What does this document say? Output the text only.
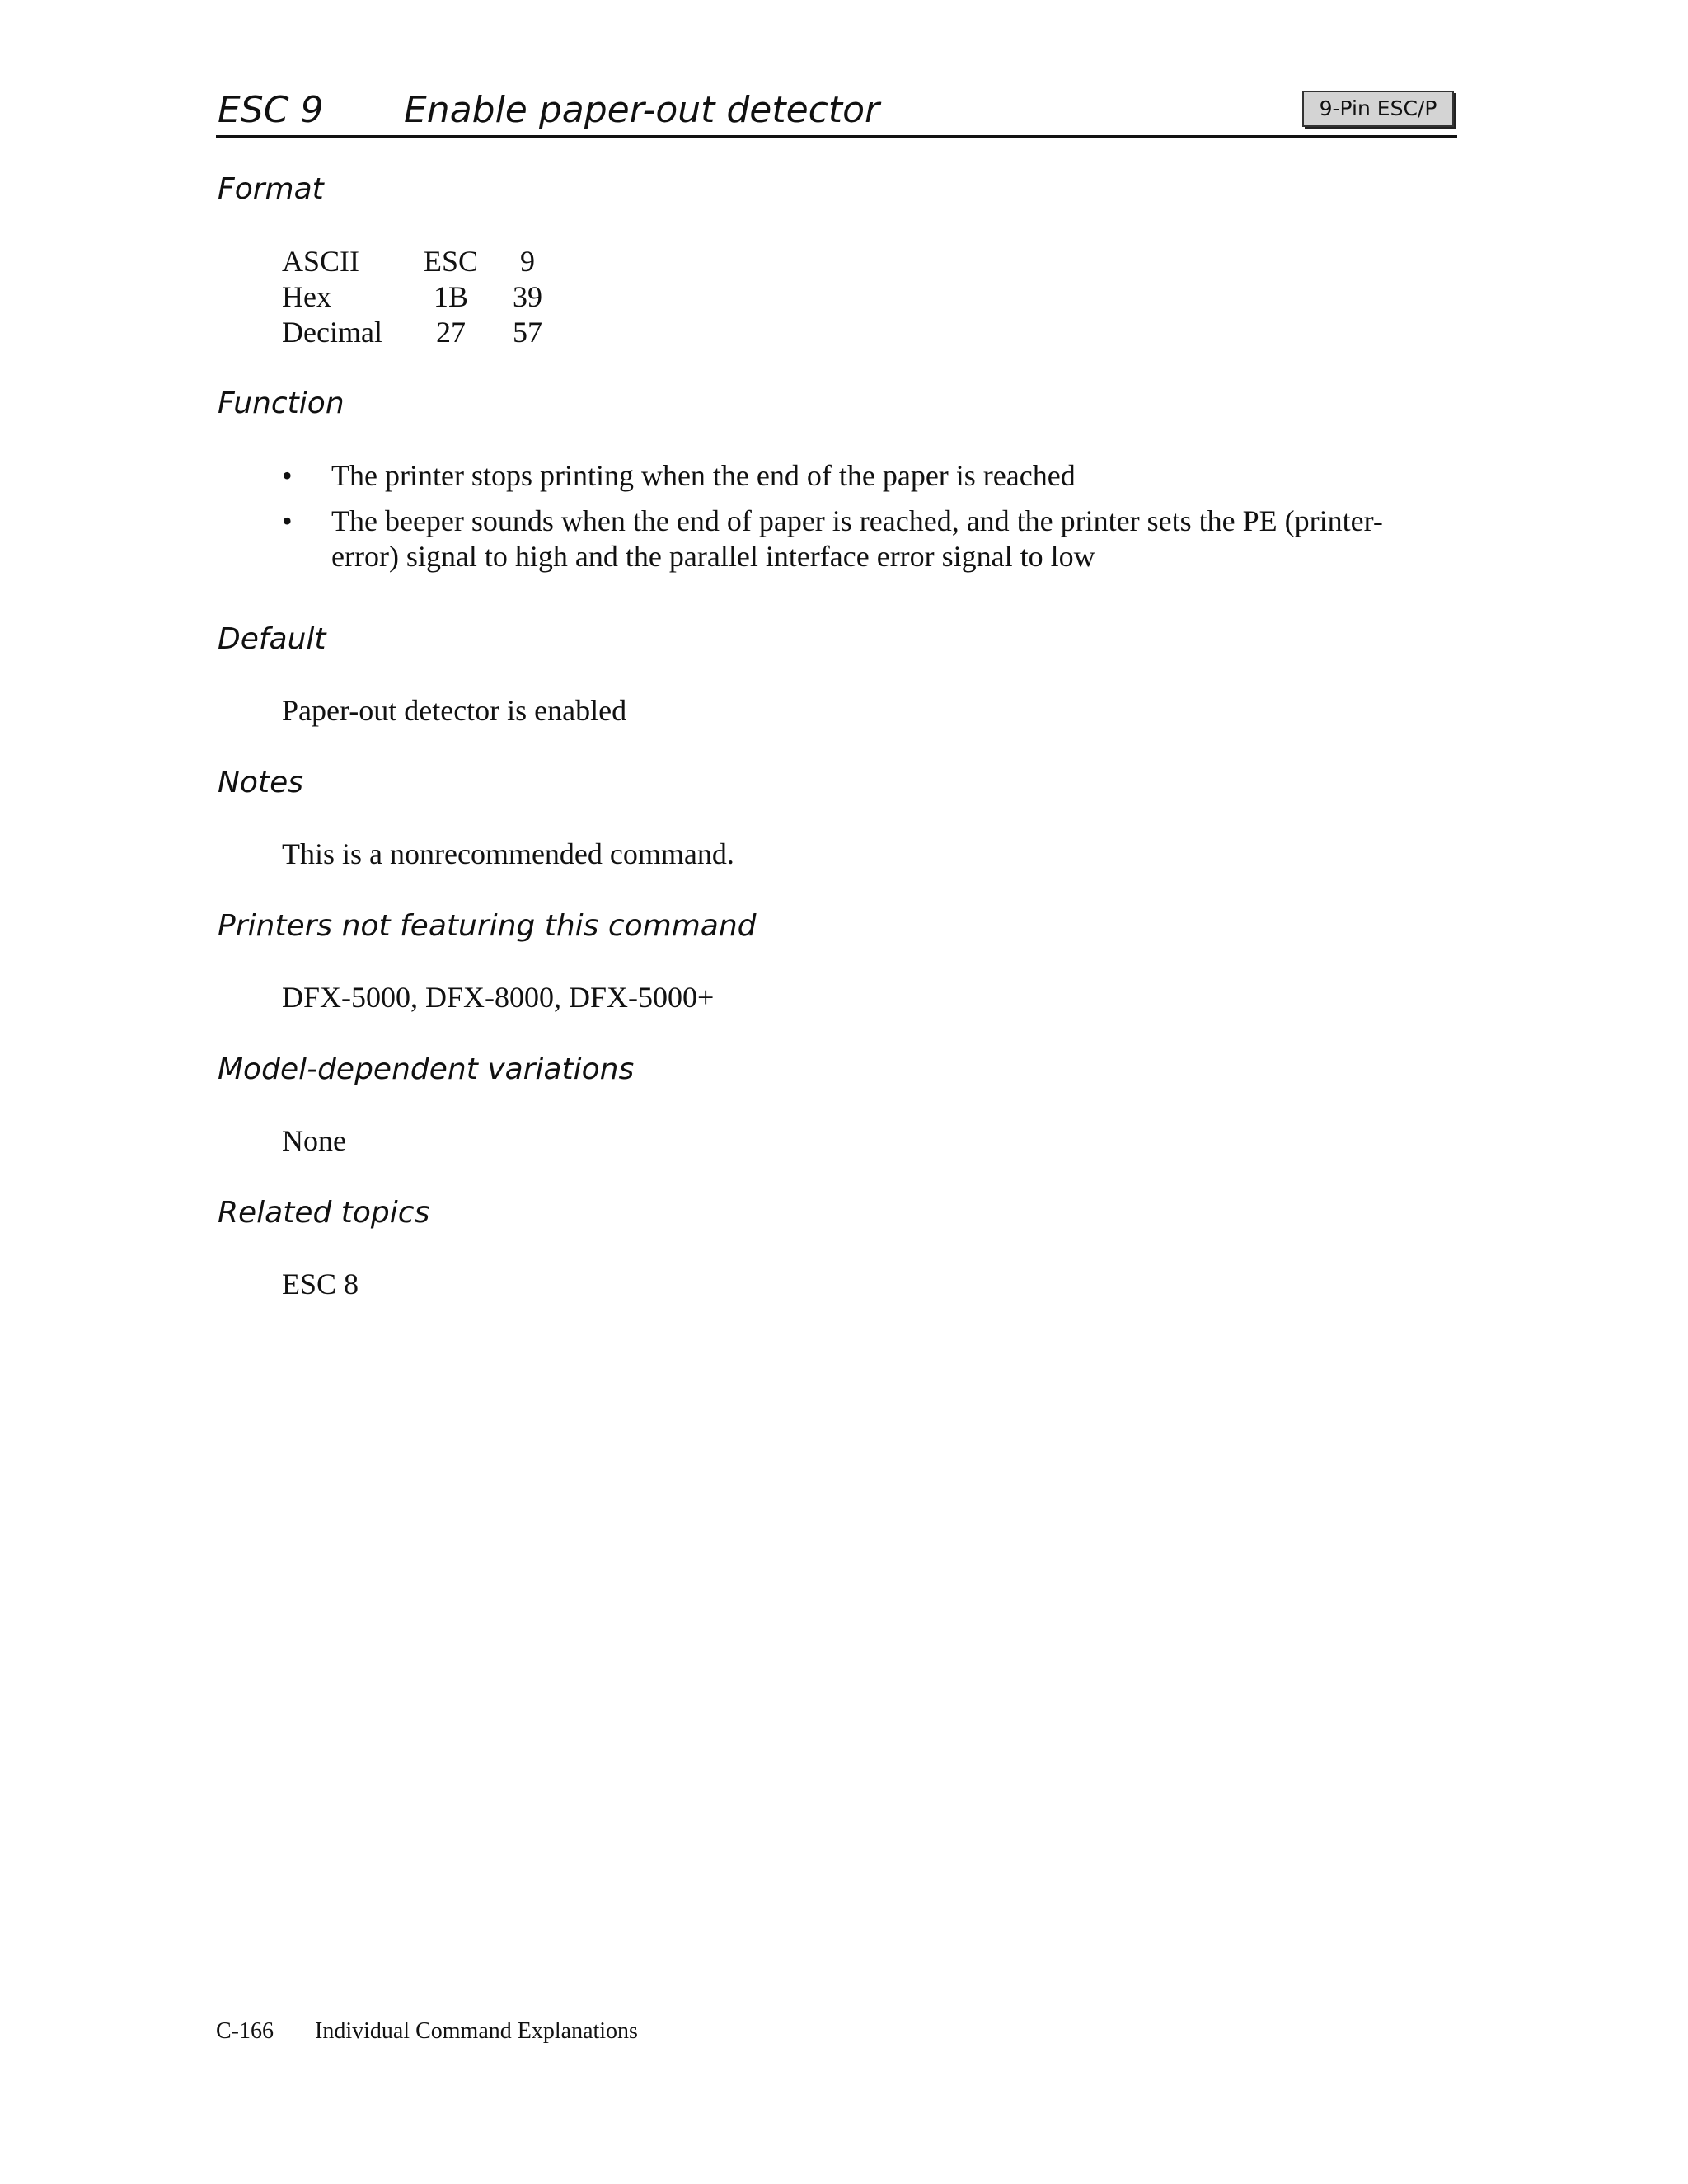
ESC 9 Enable paper-out detector	9-Pin ESC/P
Format
ASCII ESC	9
Hex	1B	39
Decimal	27	57
Function
• The printer stops printing when the end of the paper is reached
• The beeper sounds when the end of paper is reached, and the printer sets the PE (printer-error) signal to high and the parallel interface error signal to low
Default
Paper-out detector is enabled
Notes
This is a nonrecommended command.
Printers not featuring this command
DFX-5000, DFX-8000, DFX-5000+
Model-dependent variations
None
Related topics
ESC 8
C-166 Individual Command Explanations
